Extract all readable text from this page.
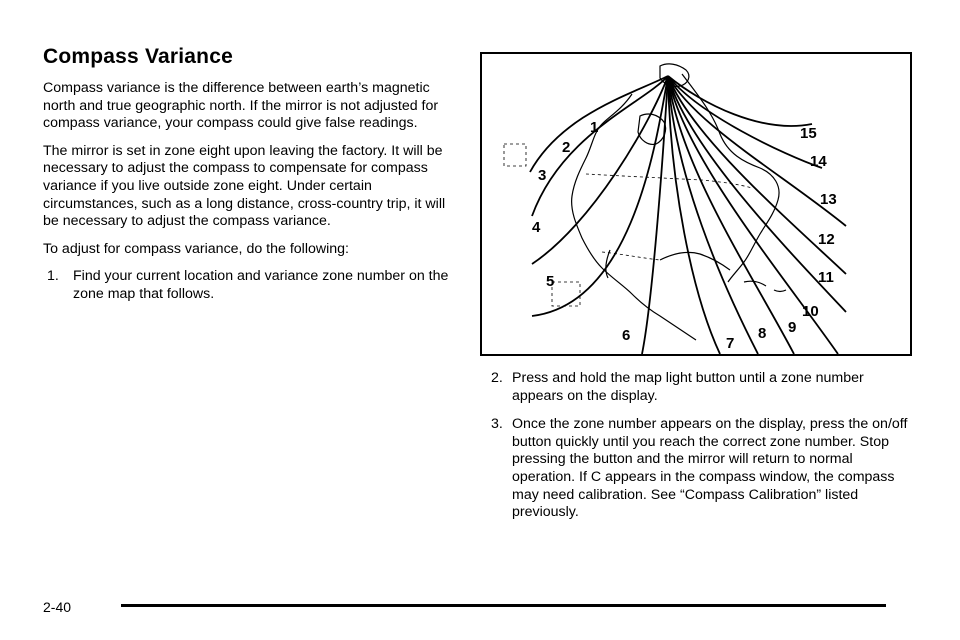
Compass Variance

Compass variance is the difference between earth’s magnetic north and true geographic north. If the mirror is not adjusted for compass variance, your compass could give false readings.

The mirror is set in zone eight upon leaving the factory. It will be necessary to adjust the compass to compensate for compass variance if you live outside zone eight. Under certain circumstances, such as a long distance, cross-country trip, it will be necessary to adjust the compass variance.

To adjust for compass variance, do the following:

1. Find your current location and variance zone number on the zone map that follows.
1
2
3
4
5
6	7
8 9
10
11
12
13
14
15
2. Press and hold the map light button until a zone number appears on the display.
3. Once the zone number appears on the display, press the on/off button quickly until you reach the correct zone number. Stop pressing the button and the mirror will return to normal operation. If C appears in the compass window, the compass may need calibration. See “Compass Calibration” listed previously.
2-40
